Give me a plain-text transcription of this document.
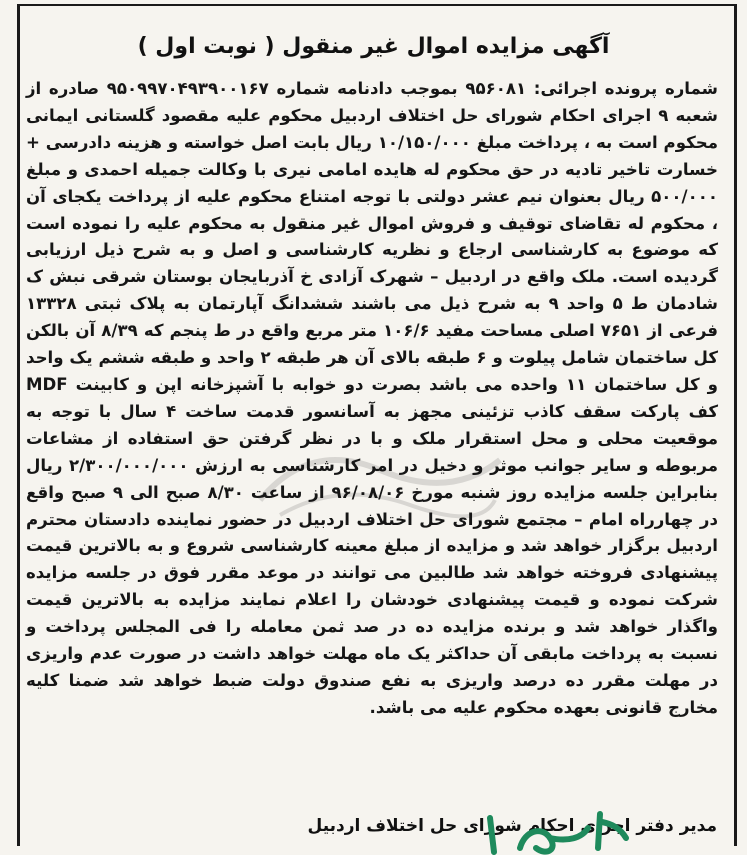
آگهی مزایده اموال غیر منقول ( نوبت اول )

شماره پرونده اجرائی: ۹۵۶۰۸۱ بموجب دادنامه شماره ۹۵۰۹۹۷۰۴۹۳۹۰۰۱۶۷ صادره از شعبه ۹ اجرای احکام شورای حل اختلاف اردبیل محکوم علیه مقصود گلستانی ایمانی محکوم است به ، پرداخت مبلغ ۱۰/۱۵۰/۰۰۰ ریال بابت اصل خواسته و هزینه دادرسی + خسارت تاخیر تادیه در حق محکوم له هایده امامی نیری با وکالت جمیله احمدی و مبلغ ۵۰۰/۰۰۰ ریال بعنوان نیم عشر دولتی با توجه امتناع محکوم علیه از پرداخت یکجای آن ، محکوم له تقاضای توقیف و فروش اموال غیر منقول به محکوم علیه را نموده است که موضوع به کارشناسی ارجاع و نظریه کارشناسی و اصل و به شرح ذیل ارزیابی گردیده است. ملک واقع در اردبیل – شهرک آزادی خ آذربایجان بوستان شرقی نبش ک شادمان ط ۵ واحد ۹ به شرح ذیل می باشند ششدانگ آپارتمان به پلاک ثبتی ۱۳۳۲۸ فرعی از ۷۶۵۱ اصلی مساحت مفید ۱۰۶/۶ متر مربع واقع در ط پنجم که ۸/۳۹ آن بالکن کل ساختمان شامل پیلوت و ۶ طبقه بالای آن هر طبقه ۲ واحد و طبقه ششم یک واحد و کل ساختمان ۱۱ واحده می باشد بصرت دو خوابه با آشپزخانه اپن و کابینت MDF کف پارکت سقف کاذب تزئینی مجهز به آسانسور قدمت ساخت ۴ سال با توجه به موقعیت محلی و محل استقرار ملک و با در نظر گرفتن حق استفاده از مشاعات مربوطه و سایر جوانب موثر و دخیل در امر کارشناسی به ارزش ۲/۳۰۰/۰۰۰/۰۰۰ ریال بنابراین جلسه مزایده روز شنبه مورخ ۹۶/۰۸/۰۶ از ساعت ۸/۳۰ صبح الی ۹ صبح واقع در چهارراه امام – مجتمع شورای حل اختلاف اردبیل در حضور نماینده دادستان محترم اردبیل برگزار خواهد شد و مزایده از مبلغ معینه کارشناسی شروع و به بالاترین قیمت پیشنهادی فروخته خواهد شد طالبین می توانند در موعد مقرر فوق در جلسه مزایده شرکت نموده و قیمت پیشنهادی خودشان را اعلام نمایند مزایده به بالاترین قیمت واگذار خواهد شد و برنده مزایده ده در صد ثمن معامله را فی المجلس پرداخت و نسبت به پرداخت مابقی آن حداکثر یک ماه مهلت خواهد داشت در صورت عدم واریزی در مهلت مقرر ده درصد واریزی به نفع صندوق دولت ضبط خواهد شد ضمنا کلیه مخارج قانونی بعهده محکوم علیه می باشد.

مدیر دفتر اجرای احکام شورای حل اختلاف اردبیل
